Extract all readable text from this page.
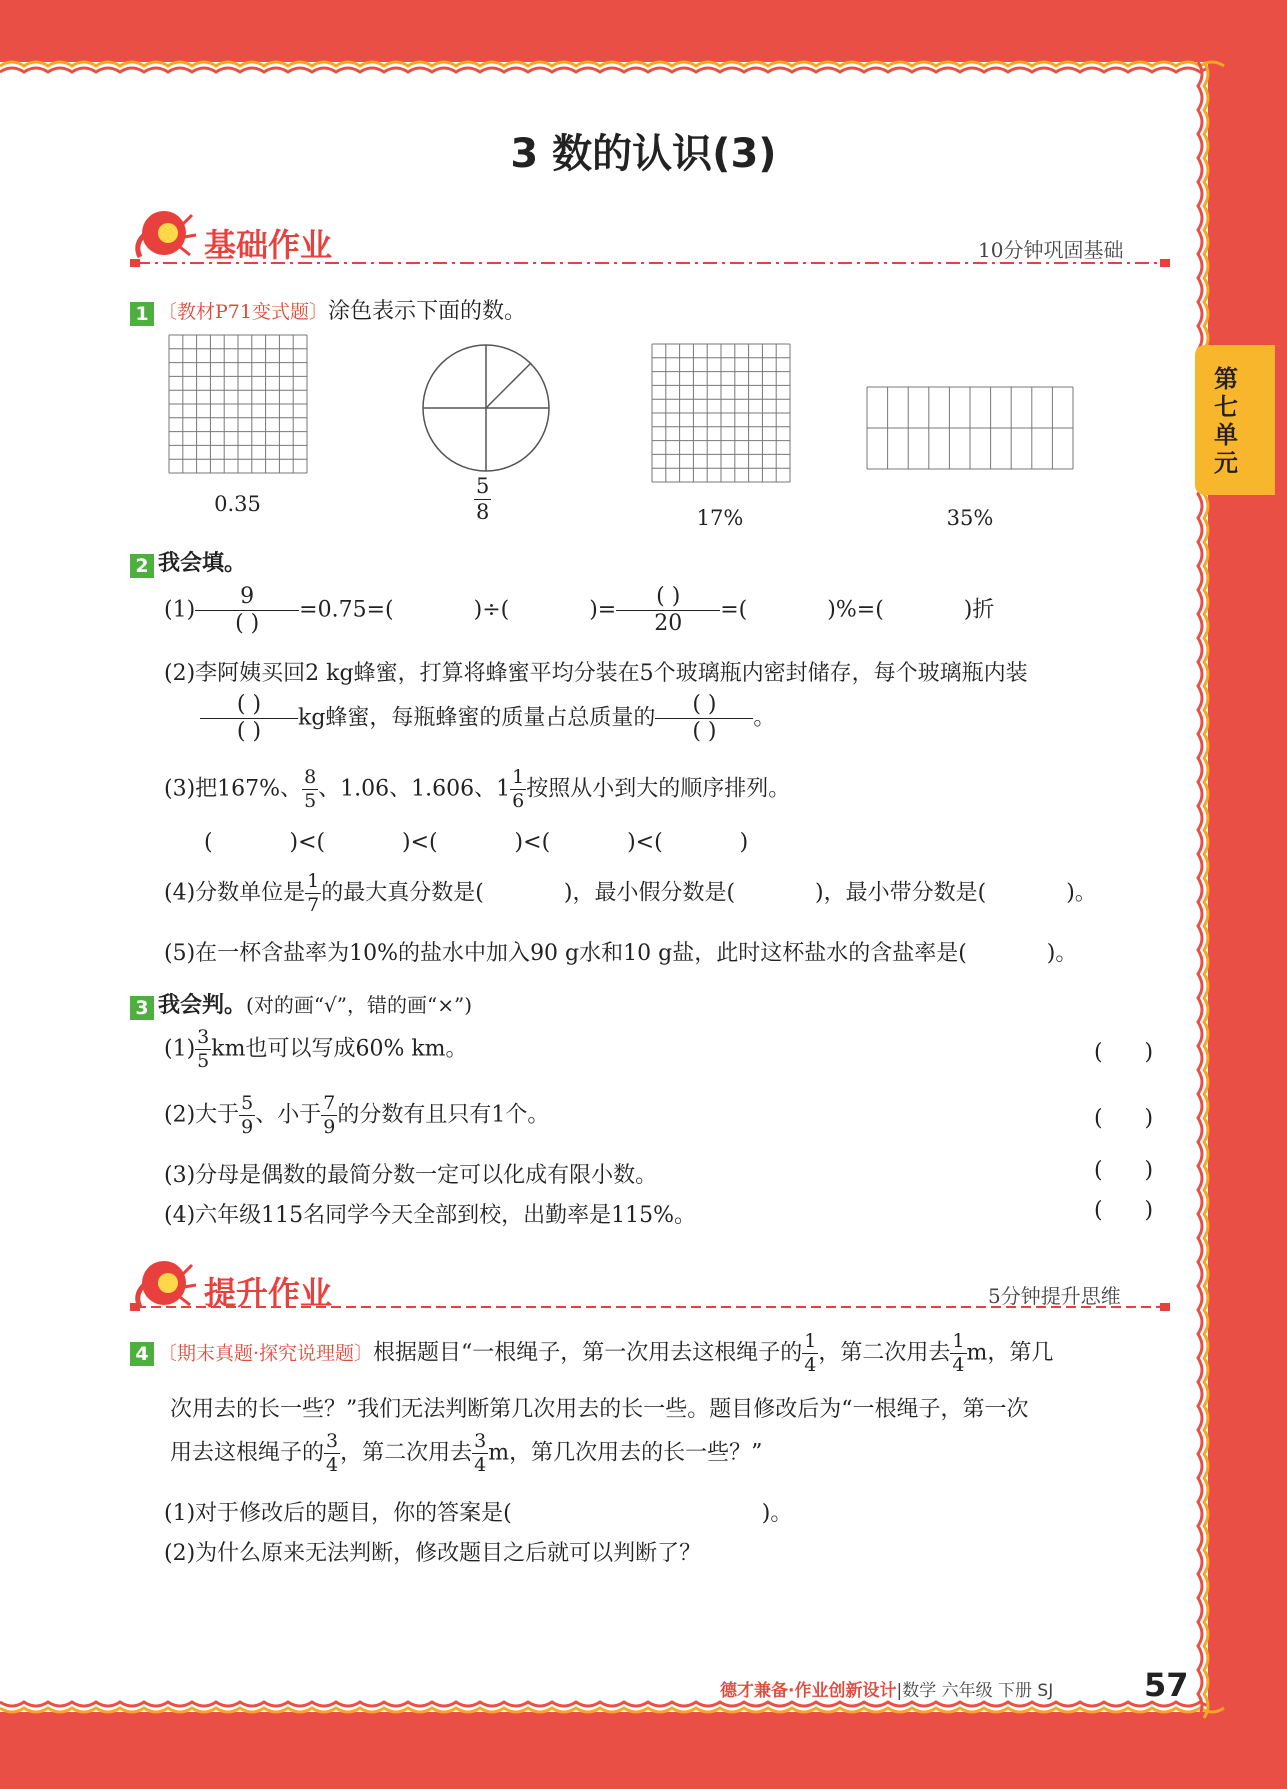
第七单元
3 数的认识(3)
基础作业	10分钟巩固基础
1 〔教材P71变式题〕涂色表示下面的数。
0.35	$\frac{5}{8}$	17%	35%
2 我会填。
$(1) \frac{9}{( )} =0.75=$(	)÷(	)= $\frac{( )}{20}$ =(	)%=(	)折
(2)李阿姨买回2 kg蜂蜜，打算将蜂蜜平均分装在5个玻璃瓶内密封储存，每个玻璃瓶内装
$\frac{( )}{( )}$ kg蜂蜜，每瓶蜂蜜的质量占总质量的 $\frac{( )}{( )}$ 。
(3)把167%、 $\frac{8}{5}$ 、1.06、1.606、$1 \frac{1}{6}$ 按照从小到大的顺序排列。
(           )<(           )<(           )<(           )<(           )
(4)分数单位是 $\frac{1}{7}$ 的最大真分数是(	)，最小假分数是(	)，最小带分数是(	)。
(5)在一杯含盐率为10%的盐水中加入90 g水和10 g盐，此时这杯盐水的含盐率是(	)。
3 我会判。(对的画“√”，错的画“×”)
$(1) \frac{3}{5}$ km也可以写成60% km。	(      )
(2)大于 $\frac{5}{9}$ 、小于 $\frac{7}{9}$ 的分数有且只有1个。	(      )
(3)分母是偶数的最简分数一定可以化成有限小数。	(      )
(4)六年级115名同学今天全部到校，出勤率是115%。	(      )
提升作业	5分钟提升思维
4 〔期末真题·探究说理题〕根据题目“一根绳子，第一次用去这根绳子的 $\frac{1}{4}$ ，第二次用去 $\frac{1}{4}$ m，第几
次用去的长一些？”我们无法判断第几次用去的长一些。题目修改后为“一根绳子，第一次
用去这根绳子的 $\frac{3}{4}$ ，第二次用去 $\frac{3}{4}$ m，第几次用去的长一些？”
(1)对于修改后的题目，你的答案是(	)。
(2)为什么原来无法判断，修改题目之后就可以判断了？
德才兼备·作业创新设计|数学 六年级 下册 SJ	57
